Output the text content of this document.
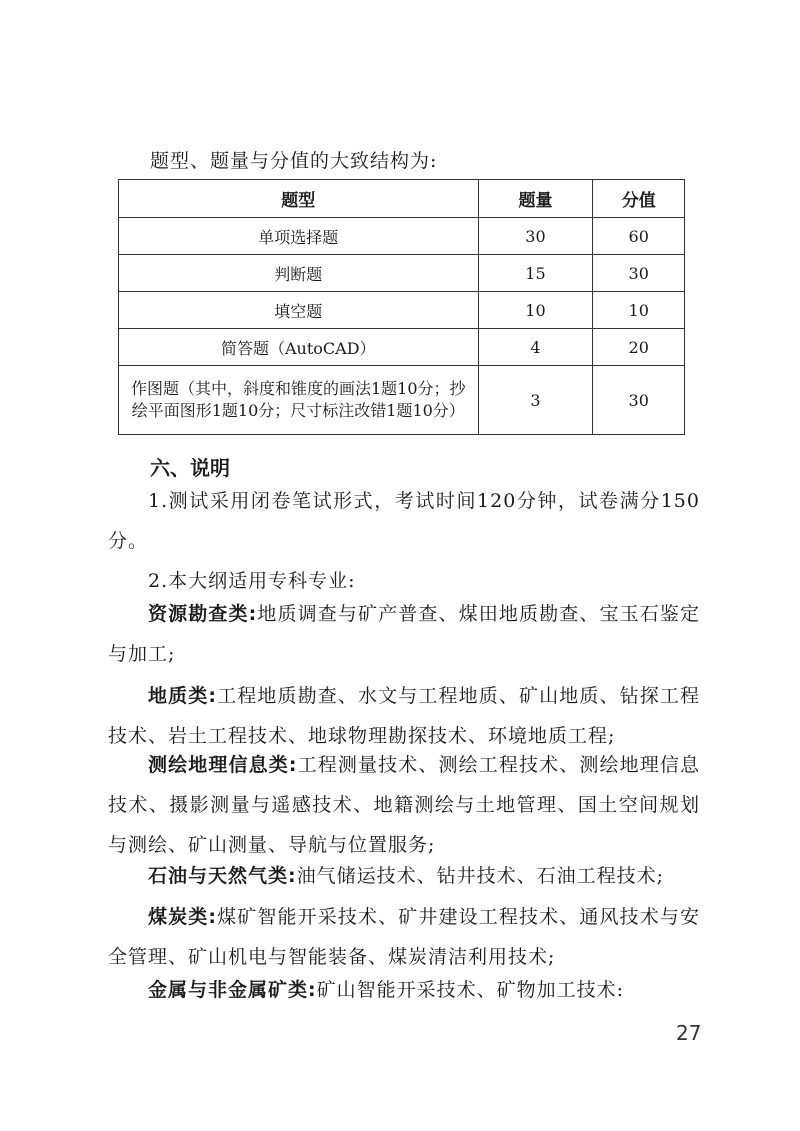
题型、题量与分值的大致结构为:
题型	题量	分值
单项选择题	30	60
判断题	15	30
填空题	10	10
简答题（AutoCAD）	4	20
作图题（其中，斜度和锥度的画法1题10分；抄绘平面图形1题10分；尺寸标注改错1题10分）	3	30
六、说明
1.测试采用闭卷笔试形式，考试时间120分钟，试卷满分150分。
2.本大纲适用专科专业:
资源勘查类:地质调查与矿产普查、煤田地质勘查、宝玉石鉴定与加工;
地质类:工程地质勘查、水文与工程地质、矿山地质、钻探工程技术、岩土工程技术、地球物理勘探技术、环境地质工程;
测绘地理信息类:工程测量技术、测绘工程技术、测绘地理信息技术、摄影测量与遥感技术、地籍测绘与土地管理、国土空间规划与测绘、矿山测量、导航与位置服务;
石油与天然气类:油气储运技术、钻井技术、石油工程技术;
煤炭类:煤矿智能开采技术、矿井建设工程技术、通风技术与安全管理、矿山机电与智能装备、煤炭清洁利用技术;
金属与非金属矿类:矿山智能开采技术、矿物加工技术:
27
